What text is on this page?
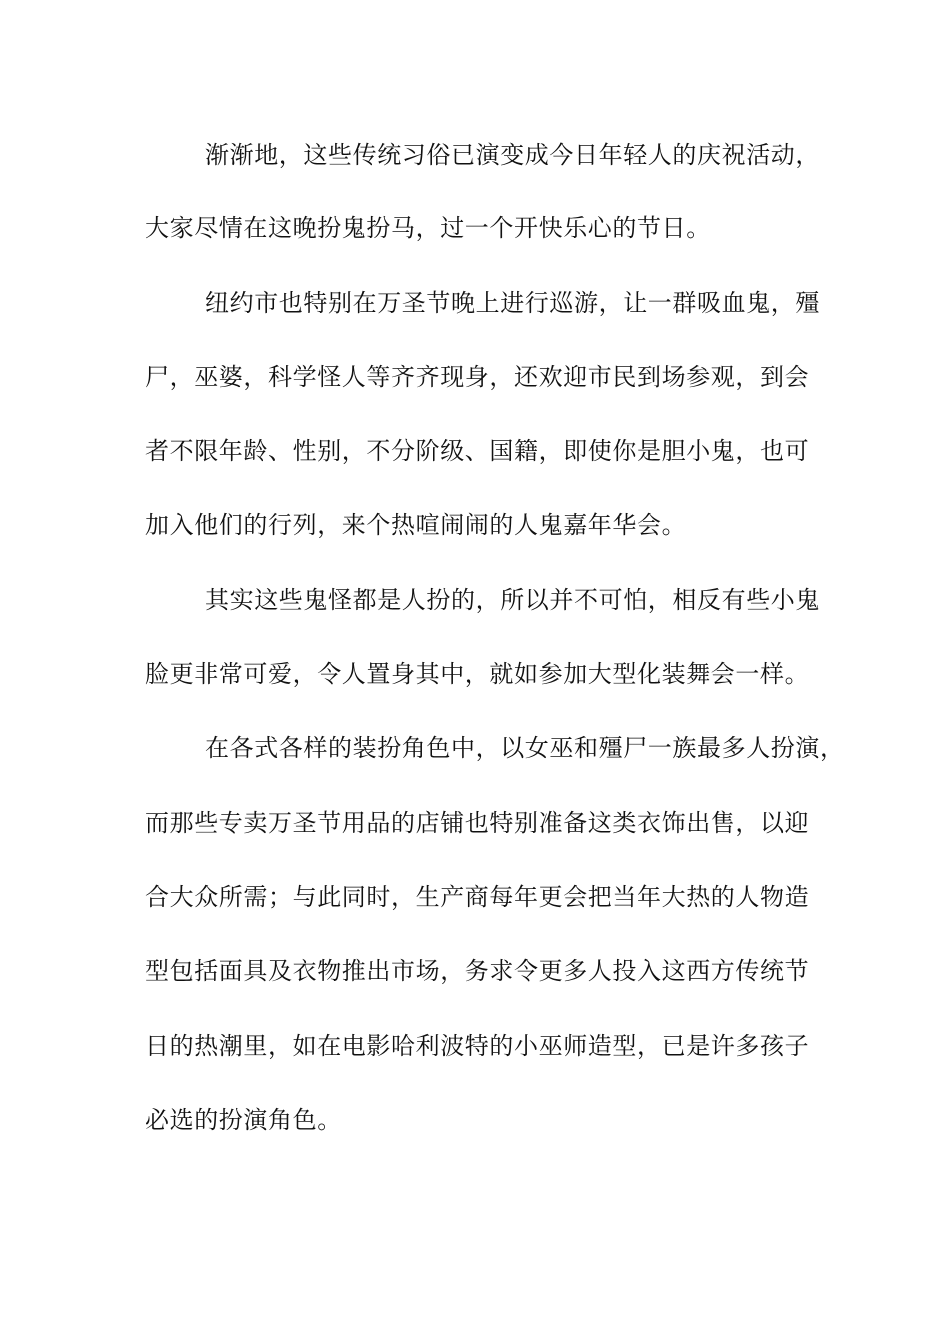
渐渐地，这些传统习俗已演变成今日年轻人的庆祝活动，
大家尽情在这晚扮鬼扮马，过一个开快乐心的节日。
纽约市也特别在万圣节晚上进行巡游，让一群吸血鬼，殭
尸，巫婆，科学怪人等齐齐现身，还欢迎市民到场参观，到会
者不限年龄、性别，不分阶级、国籍，即使你是胆小鬼，也可
加入他们的行列，来个热喧闹闹的人鬼嘉年华会。
其实这些鬼怪都是人扮的，所以并不可怕，相反有些小鬼
脸更非常可爱，令人置身其中，就如参加大型化装舞会一样。
在各式各样的装扮角色中，以女巫和殭尸一族最多人扮演，
而那些专卖万圣节用品的店铺也特别准备这类衣饰出售，以迎
合大众所需；与此同时，生产商每年更会把当年大热的人物造
型包括面具及衣物推出市场，务求令更多人投入这西方传统节
日的热潮里，如在电影哈利波特的小巫师造型，已是许多孩子
必选的扮演角色。
